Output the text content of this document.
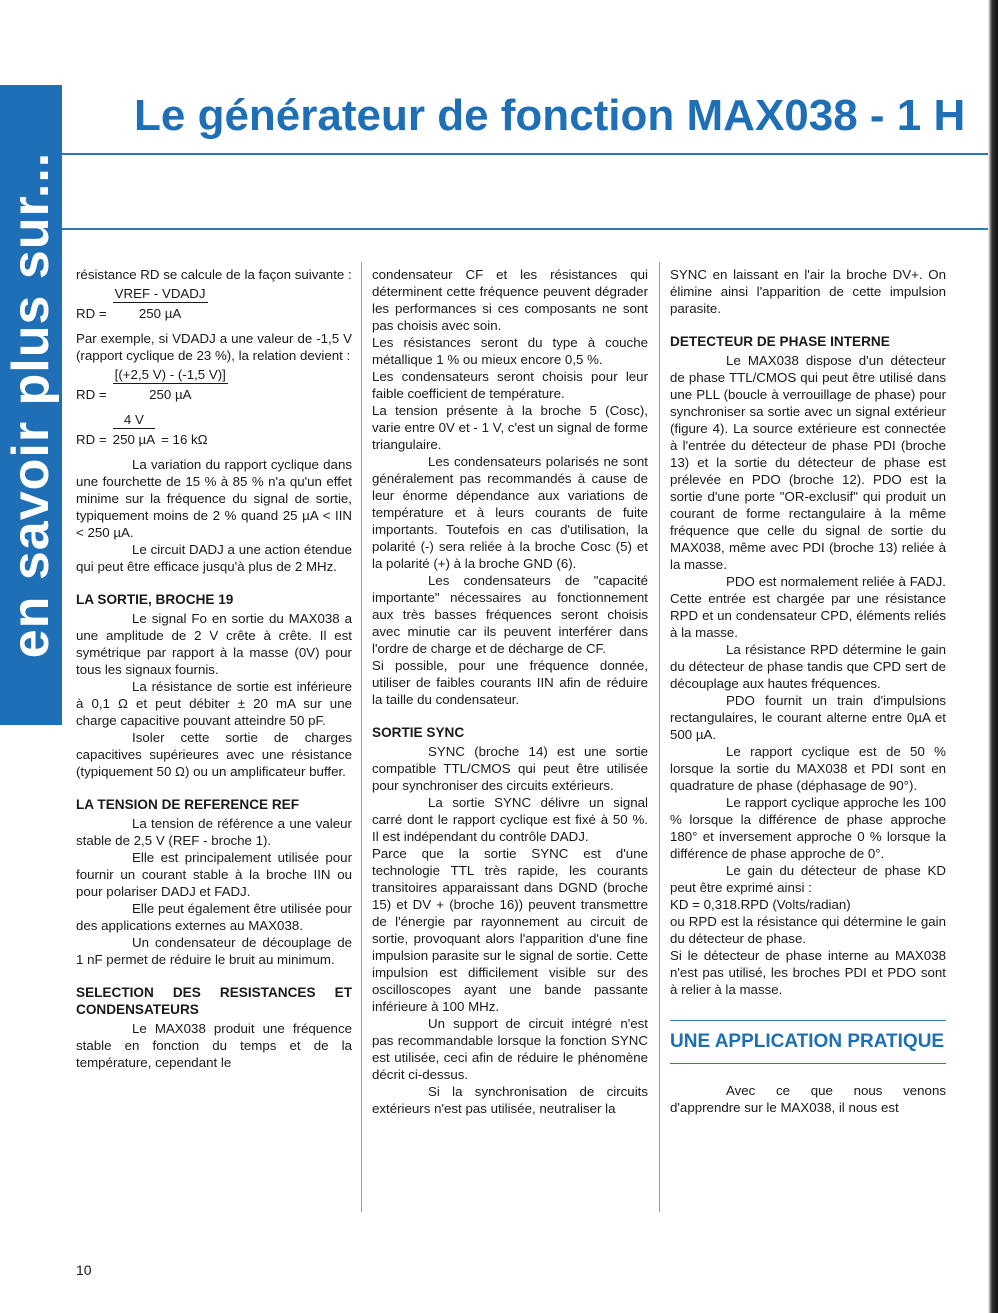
en savoir plus sur...
Le générateur de fonction MAX038 - 1 H

résistance RD se calcule de la façon suivante :

RD = $\frac{\text{VREF - VDADJ}}{\text{250 µA}}$

Par exemple, si VDADJ a une valeur de -1,5 V (rapport cyclique de 23 %), la relation devient :

RD = $\frac{[(+2,5 V) - (-1,5 V)]}{\text{250 µA}}$
RD = $\frac{4 V}{\text{250 µA}} = 16$ kΩ

La variation du rapport cyclique dans une fourchette de 15 % à 85 % n'a qu'un effet minime sur la fréquence du signal de sortie, typiquement moins de 2 % quand 25 µA < IIN < 250 µA.

Le circuit DADJ a une action étendue qui peut être efficace jusqu'à plus de 2 MHz.

LA SORTIE, BROCHE 19

Le signal Fo en sortie du MAX038 a une amplitude de 2 V crête à crête. Il est symétrique par rapport à la masse (0V) pour tous les signaux fournis.

La résistance de sortie est inférieure à 0,1 Ω et peut débiter ± 20 mA sur une charge capacitive pouvant atteindre 50 pF.

Isoler cette sortie de charges capacitives supérieures avec une résistance (typiquement 50 Ω) ou un amplificateur buffer.

LA TENSION DE REFERENCE REF

La tension de référence a une valeur stable de 2,5 V (REF - broche 1).

Elle est principalement utilisée pour fournir un courant stable à la broche IIN ou pour polariser DADJ et FADJ.

Elle peut également être utilisée pour des applications externes au MAX038.

Un condensateur de découplage de 1 nF permet de réduire le bruit au minimum.

SELECTION DES RESISTANCES ET CONDENSATEURS

Le MAX038 produit une fréquence stable en fonction du temps et de la température, cependant le

condensateur CF et les résistances qui déterminent cette fréquence peuvent dégrader les performances si ces composants ne sont pas choisis avec soin.

Les résistances seront du type à couche métallique 1 % ou mieux encore 0,5 %.

Les condensateurs seront choisis pour leur faible coefficient de température.

La tension présente à la broche 5 (Cosc), varie entre 0V et - 1 V, c'est un signal de forme triangulaire.

Les condensateurs polarisés ne sont généralement pas recommandés à cause de leur énorme dépendance aux variations de température et à leurs courants de fuite importants. Toutefois en cas d'utilisation, la polarité (-) sera reliée à la broche Cosc (5) et la polarité (+) à la broche GND (6).

Les condensateurs de "capacité importante" nécessaires au fonctionnement aux très basses fréquences seront choisis avec minutie car ils peuvent interférer dans l'ordre de charge et de décharge de CF.

Si possible, pour une fréquence donnée, utiliser de faibles courants IIN afin de réduire la taille du condensateur.

SORTIE SYNC

SYNC (broche 14) est une sortie compatible TTL/CMOS qui peut être utilisée pour synchroniser des circuits extérieurs.

La sortie SYNC délivre un signal carré dont le rapport cyclique est fixé à 50 %. Il est indépendant du contrôle DADJ.

Parce que la sortie SYNC est d'une technologie TTL très rapide, les courants transitoires apparaissant dans DGND (broche 15) et DV + (broche 16)) peuvent transmettre de l'énergie par rayonnement au circuit de sortie, provoquant alors l'apparition d'une fine impulsion parasite sur le signal de sortie. Cette impulsion est difficilement visible sur des oscilloscopes ayant une bande passante inférieure à 100 MHz.

Un support de circuit intégré n'est pas recommandable lorsque la fonction SYNC est utilisée, ceci afin de réduire le phénomène décrit ci-dessus.

Si la synchronisation de circuits extérieurs n'est pas utilisée, neutraliser la

SYNC en laissant en l'air la broche DV+. On élimine ainsi l'apparition de cette impulsion parasite.

DETECTEUR DE PHASE INTERNE

Le MAX038 dispose d'un détecteur de phase TTL/CMOS qui peut être utilisé dans une PLL (boucle à verrouillage de phase) pour synchroniser sa sortie avec un signal extérieur (figure 4). La source extérieure est connectée à l'entrée du détecteur de phase PDI (broche 13) et la sortie du détecteur de phase est prélevée en PDO (broche 12). PDO est la sortie d'une porte "OR-exclusif" qui produit un courant de forme rectangulaire à la même fréquence que celle du signal de sortie du MAX038, même avec PDI (broche 13) reliée à la masse.

PDO est normalement reliée à FADJ. Cette entrée est chargée par une résistance RPD et un condensateur CPD, éléments reliés à la masse.

La résistance RPD détermine le gain du détecteur de phase tandis que CPD sert de découplage aux hautes fréquences.

PDO fournit un train d'impulsions rectangulaires, le courant alterne entre 0µA et 500 µA.

Le rapport cyclique est de 50 % lorsque la sortie du MAX038 et PDI sont en quadrature de phase (déphasage de 90°).

Le rapport cyclique approche les 100 % lorsque la différence de phase approche 180° et inversement approche 0 % lorsque la différence de phase approche de 0°.

Le gain du détecteur de phase KD peut être exprimé ainsi :

KD = 0,318.RPD (Volts/radian)

ou RPD est la résistance qui détermine le gain du détecteur de phase.

Si le détecteur de phase interne au MAX038 n'est pas utilisé, les broches PDI et PDO sont à relier à la masse.

UNE APPLICATION PRATIQUE

Avec ce que nous venons d'apprendre sur le MAX038, il nous est

10
